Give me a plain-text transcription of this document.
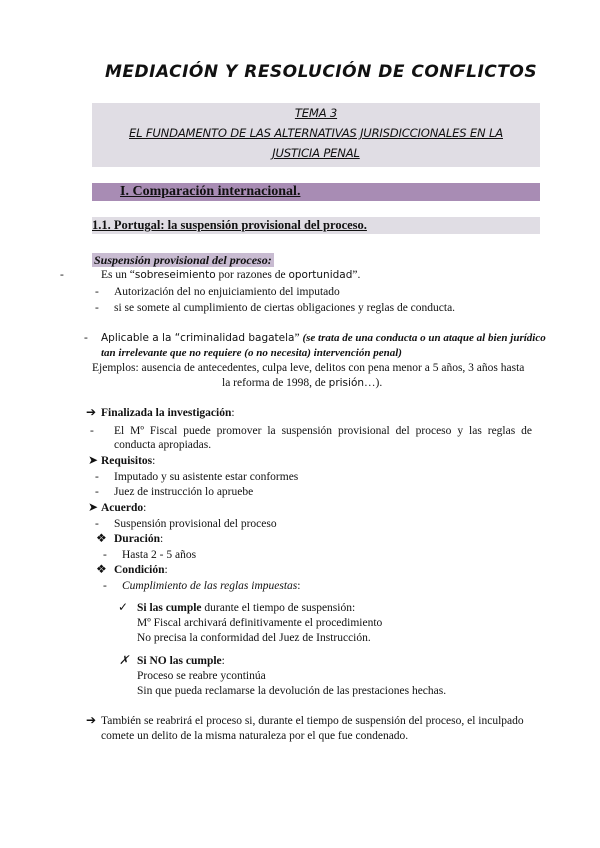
MEDIACIÓN Y RESOLUCIÓN DE CONFLICTOS
TEMA 3
EL FUNDAMENTO DE LAS ALTERNATIVAS JURISDICCIONALES EN LA
JUSTICIA PENAL
I. Comparación internacional.
1.1. Portugal: la suspensión provisional del proceso.
Suspensión provisional del proceso:
-	Es un “sobreseimiento por razones de oportunidad”.
- Autorización del no enjuiciamiento del imputado
- si se somete al cumplimiento de ciertas obligaciones y reglas de conducta.
- Aplicable a la “criminalidad bagatela” (se trata de una conducta o un ataque al bien jurídico
tan irrelevante que no requiere (o no necesita) intervención penal)
Ejemplos: ausencia de antecedentes, culpa leve, delitos con pena menor a 5 años, 3 años hasta
la reforma de 1998, de prisión…).
➔ Finalizada la investigación:
- El Mº Fiscal puede promover la suspensión provisional del proceso y las reglas de conducta apropiadas.
➤ Requisitos:
- Imputado y su asistente estar conformes
- Juez de instrucción lo apruebe
➤ Acuerdo:
- Suspensión provisional del proceso
❖ Duración:
- Hasta 2 - 5 años
❖ Condición:
- Cumplimiento de las reglas impuestas:
✓ Si las cumple durante el tiempo de suspensión:
Mº Fiscal archivará definitivamente el procedimiento
No precisa la conformidad del Juez de Instrucción.
✗ Si NO las cumple:
Proceso se reabre ycontinúa
Sin que pueda reclamarse la devolución de las prestaciones hechas.
➔ También se reabrirá el proceso si, durante el tiempo de suspensión del proceso, el inculpado
comete un delito de la misma naturaleza por el que fue condenado.
